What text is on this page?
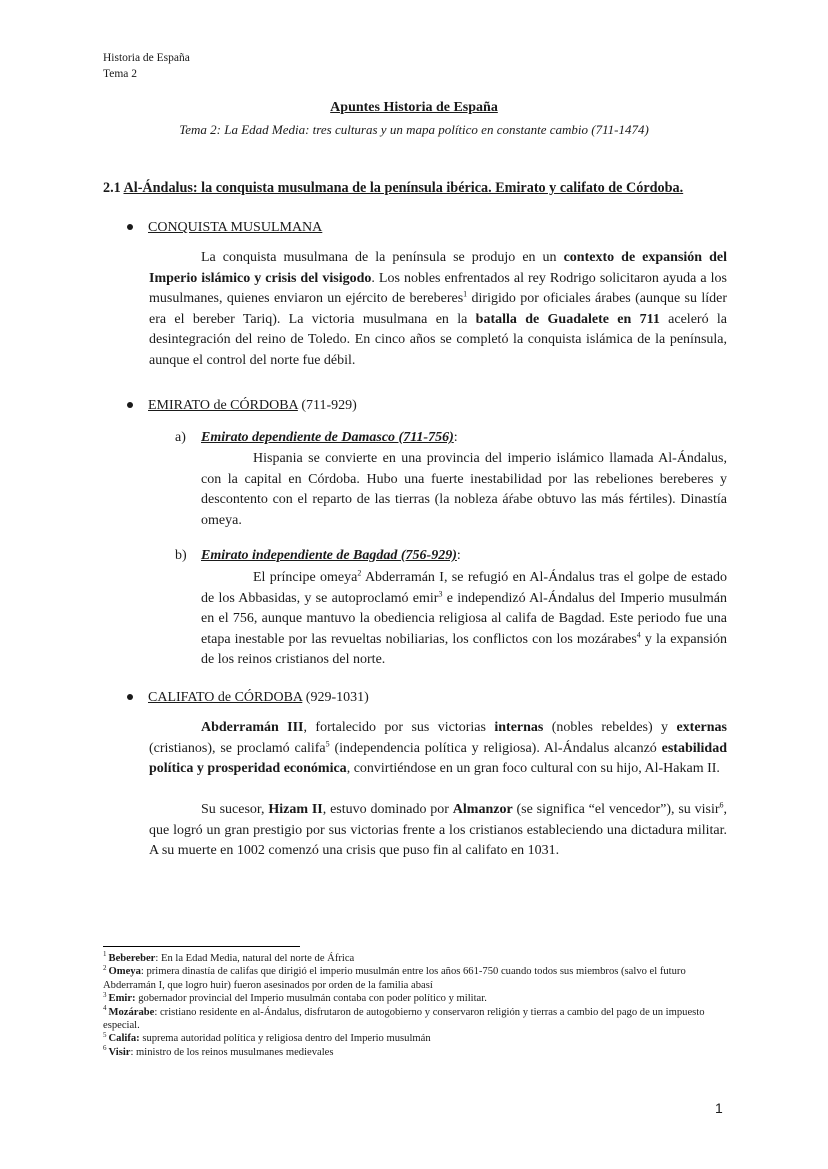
Historia de España
Tema 2
Apuntes Historia de España
Tema 2: La Edad Media: tres culturas y un mapa político en constante cambio (711-1474)
2.1 Al-Ándalus: la conquista musulmana de la península ibérica. Emirato y califato de Córdoba.
CONQUISTA MUSULMANA

La conquista musulmana de la península se produjo en un contexto de expansión del Imperio islámico y crisis del visigodo. Los nobles enfrentados al rey Rodrigo solicitaron ayuda a los musulmanes, quienes enviaron un ejército de bereberes$^1$ dirigido por oficiales árabes (aunque su líder era el bereber Tariq). La victoria musulmana en la batalla de Guadalete en 711 aceleró la desintegración del reino de Toledo. En cinco años se completó la conquista islámica de la península, aunque el control del norte fue débil.

EMIRATO de CÓRDOBA (711-929)
a) Emirato dependiente de Damasco (711-756):

Hispania se convierte en una provincia del imperio islámico llamada Al-Ándalus, con la capital en Córdoba. Hubo una fuerte inestabilidad por las rebeliones bereberes y descontento con el reparto de las tierras (la nobleza áŕabe obtuvo las más fértiles). Dinastía omeya.

b) Emirato independiente de Bagdad (756-929):

El príncipe omeya$^2$ Abderramán I, se refugió en Al-Ándalus tras el golpe de estado de los Abbasidas, y se autoproclamó emir$^3$ e independizó Al-Ándalus del Imperio musulmán en el 756, aunque mantuvo la obediencia religiosa al califa de Bagdad. Este periodo fue una etapa inestable por las revueltas nobiliarias, los conflictos con los mozárabes$^4$ y la expansión de los reinos cristianos del norte.

CALIFATO de CÓRDOBA (929-1031)

Abderramán III, fortalecido por sus victorias internas (nobles rebeldes) y externas (cristianos), se proclamó califa$^5$ (independencia política y religiosa). Al-Ándalus alcanzó estabilidad política y prosperidad económica, convirtiéndose en un gran foco cultural con su hijo, Al-Hakam II.

Su sucesor, Hizam II, estuvo dominado por Almanzor (se significa “el vencedor”), su visir$^6$, que logró un gran prestigio por sus victorias frente a los cristianos estableciendo una dictadura militar. A su muerte en 1002 comenzó una crisis que puso fin al califato en 1031.

$^1$ Bebereber: En la Edad Media, natural del norte de África
$^2$ Omeya: primera dinastía de califas que dirigió el imperio musulmán entre los años 661-750 cuando todos sus miembros (salvo el futuro Abderramán I, que logro huir) fueron asesinados por orden de la familia abasí
$^3$ Emir: gobernador provincial del Imperio musulmán contaba con poder político y militar.
$^4$ Mozárabe: cristiano residente en al-Ándalus, disfrutaron de autogobierno y conservaron religión y tierras a cambio del pago de un impuesto especial.
$^5$ Califa: suprema autoridad política y religiosa dentro del Imperio musulmán
$^6$ Visir: ministro de los reinos musulmanes medievales
1
